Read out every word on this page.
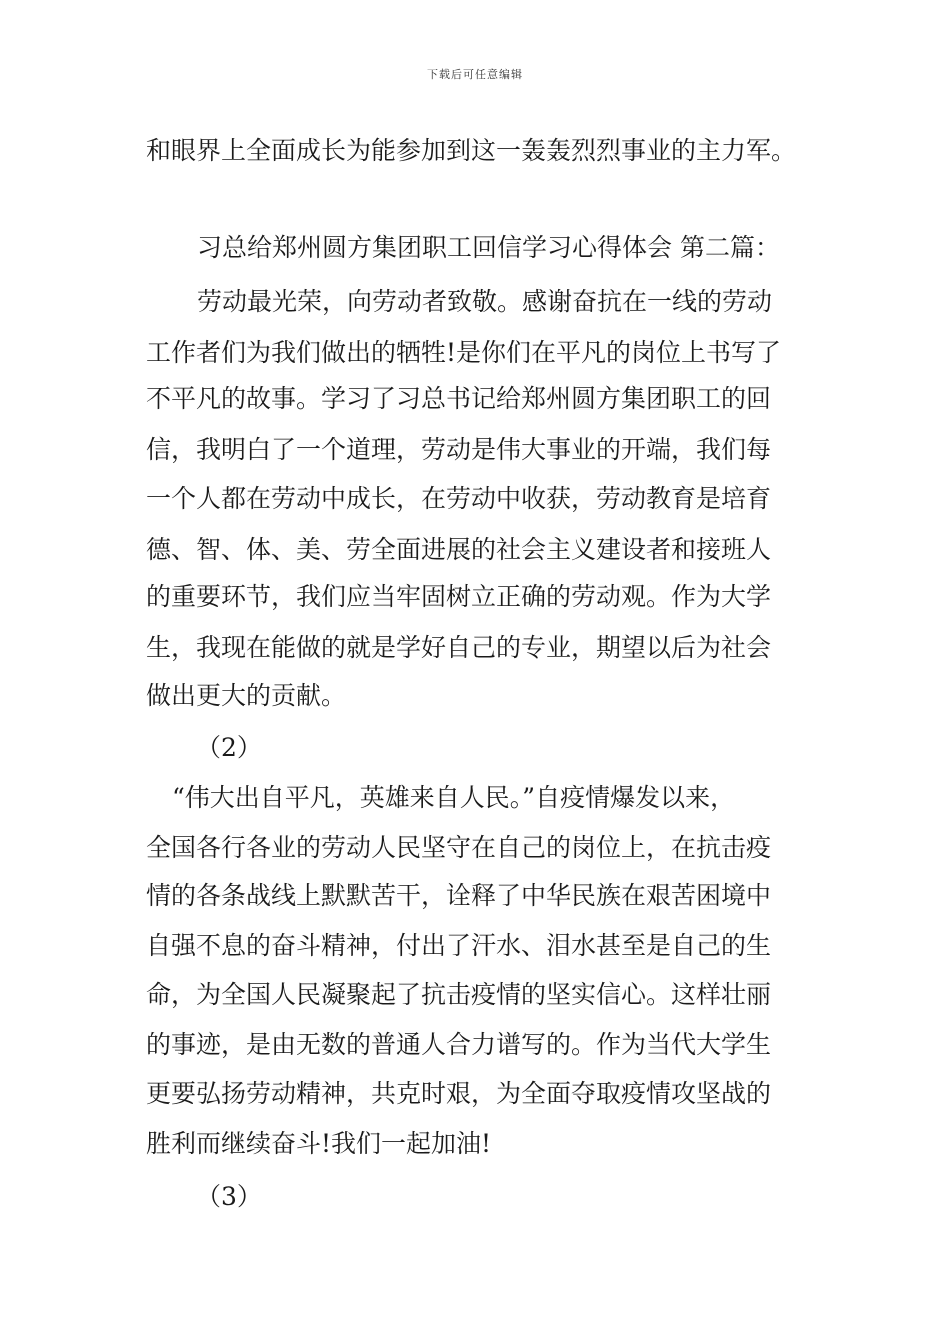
下载后可任意编辑
和眼界上全面成长为能参加到这一轰轰烈烈事业的主力军。
习总给郑州圆方集团职工回信学习心得体会 第二篇：
劳动最光荣，向劳动者致敬。感谢奋抗在一线的劳动
工作者们为我们做出的牺牲!是你们在平凡的岗位上书写了
不平凡的故事。学习了习总书记给郑州圆方集团职工的回
信，我明白了一个道理，劳动是伟大事业的开端，我们每
一个人都在劳动中成长，在劳动中收获，劳动教育是培育
德、智、体、美、劳全面进展的社会主义建设者和接班人
的重要环节，我们应当牢固树立正确的劳动观。作为大学
生，我现在能做的就是学好自己的专业，期望以后为社会
做出更大的贡献。
（2）
“伟大出自平凡，英雄来自人民。”自疫情爆发以来，
全国各行各业的劳动人民坚守在自己的岗位上，在抗击疫
情的各条战线上默默苦干，诠释了中华民族在艰苦困境中
自强不息的奋斗精神，付出了汗水、泪水甚至是自己的生
命，为全国人民凝聚起了抗击疫情的坚实信心。这样壮丽
的事迹，是由无数的普通人合力谱写的。作为当代大学生
更要弘扬劳动精神，共克时艰，为全面夺取疫情攻坚战的
胜利而继续奋斗!我们一起加油!
（3）
